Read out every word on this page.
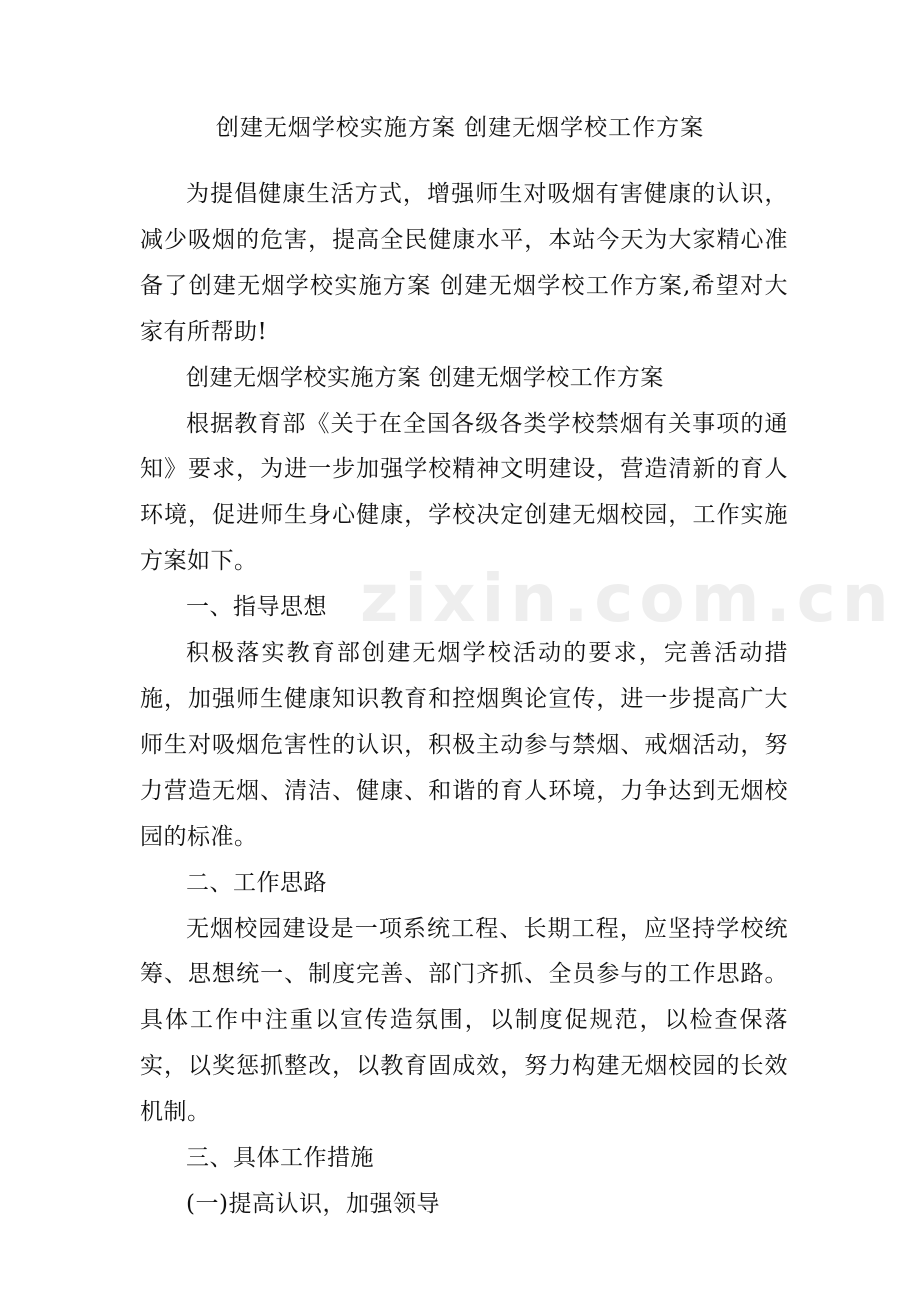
创建无烟学校实施方案 创建无烟学校工作方案

为提倡健康生活方式，增强师生对吸烟有害健康的认识，减少吸烟的危害，提高全民健康水平，本站今天为大家精心准备了创建无烟学校实施方案 创建无烟学校工作方案,希望对大家有所帮助!

创建无烟学校实施方案 创建无烟学校工作方案

根据教育部《关于在全国各级各类学校禁烟有关事项的通知》要求，为进一步加强学校精神文明建设，营造清新的育人环境，促进师生身心健康，学校决定创建无烟校园，工作实施方案如下。

一、指导思想

积极落实教育部创建无烟学校活动的要求，完善活动措施，加强师生健康知识教育和控烟舆论宣传，进一步提高广大师生对吸烟危害性的认识，积极主动参与禁烟、戒烟活动，努力营造无烟、清洁、健康、和谐的育人环境，力争达到无烟校园的标准。

二、工作思路

无烟校园建设是一项系统工程、长期工程，应坚持学校统筹、思想统一、制度完善、部门齐抓、全员参与的工作思路。具体工作中注重以宣传造氛围，以制度促规范，以检查保落实，以奖惩抓整改，以教育固成效，努力构建无烟校园的长效机制。

三、具体工作措施

(一)提高认识，加强领导

zixin.com.cn
